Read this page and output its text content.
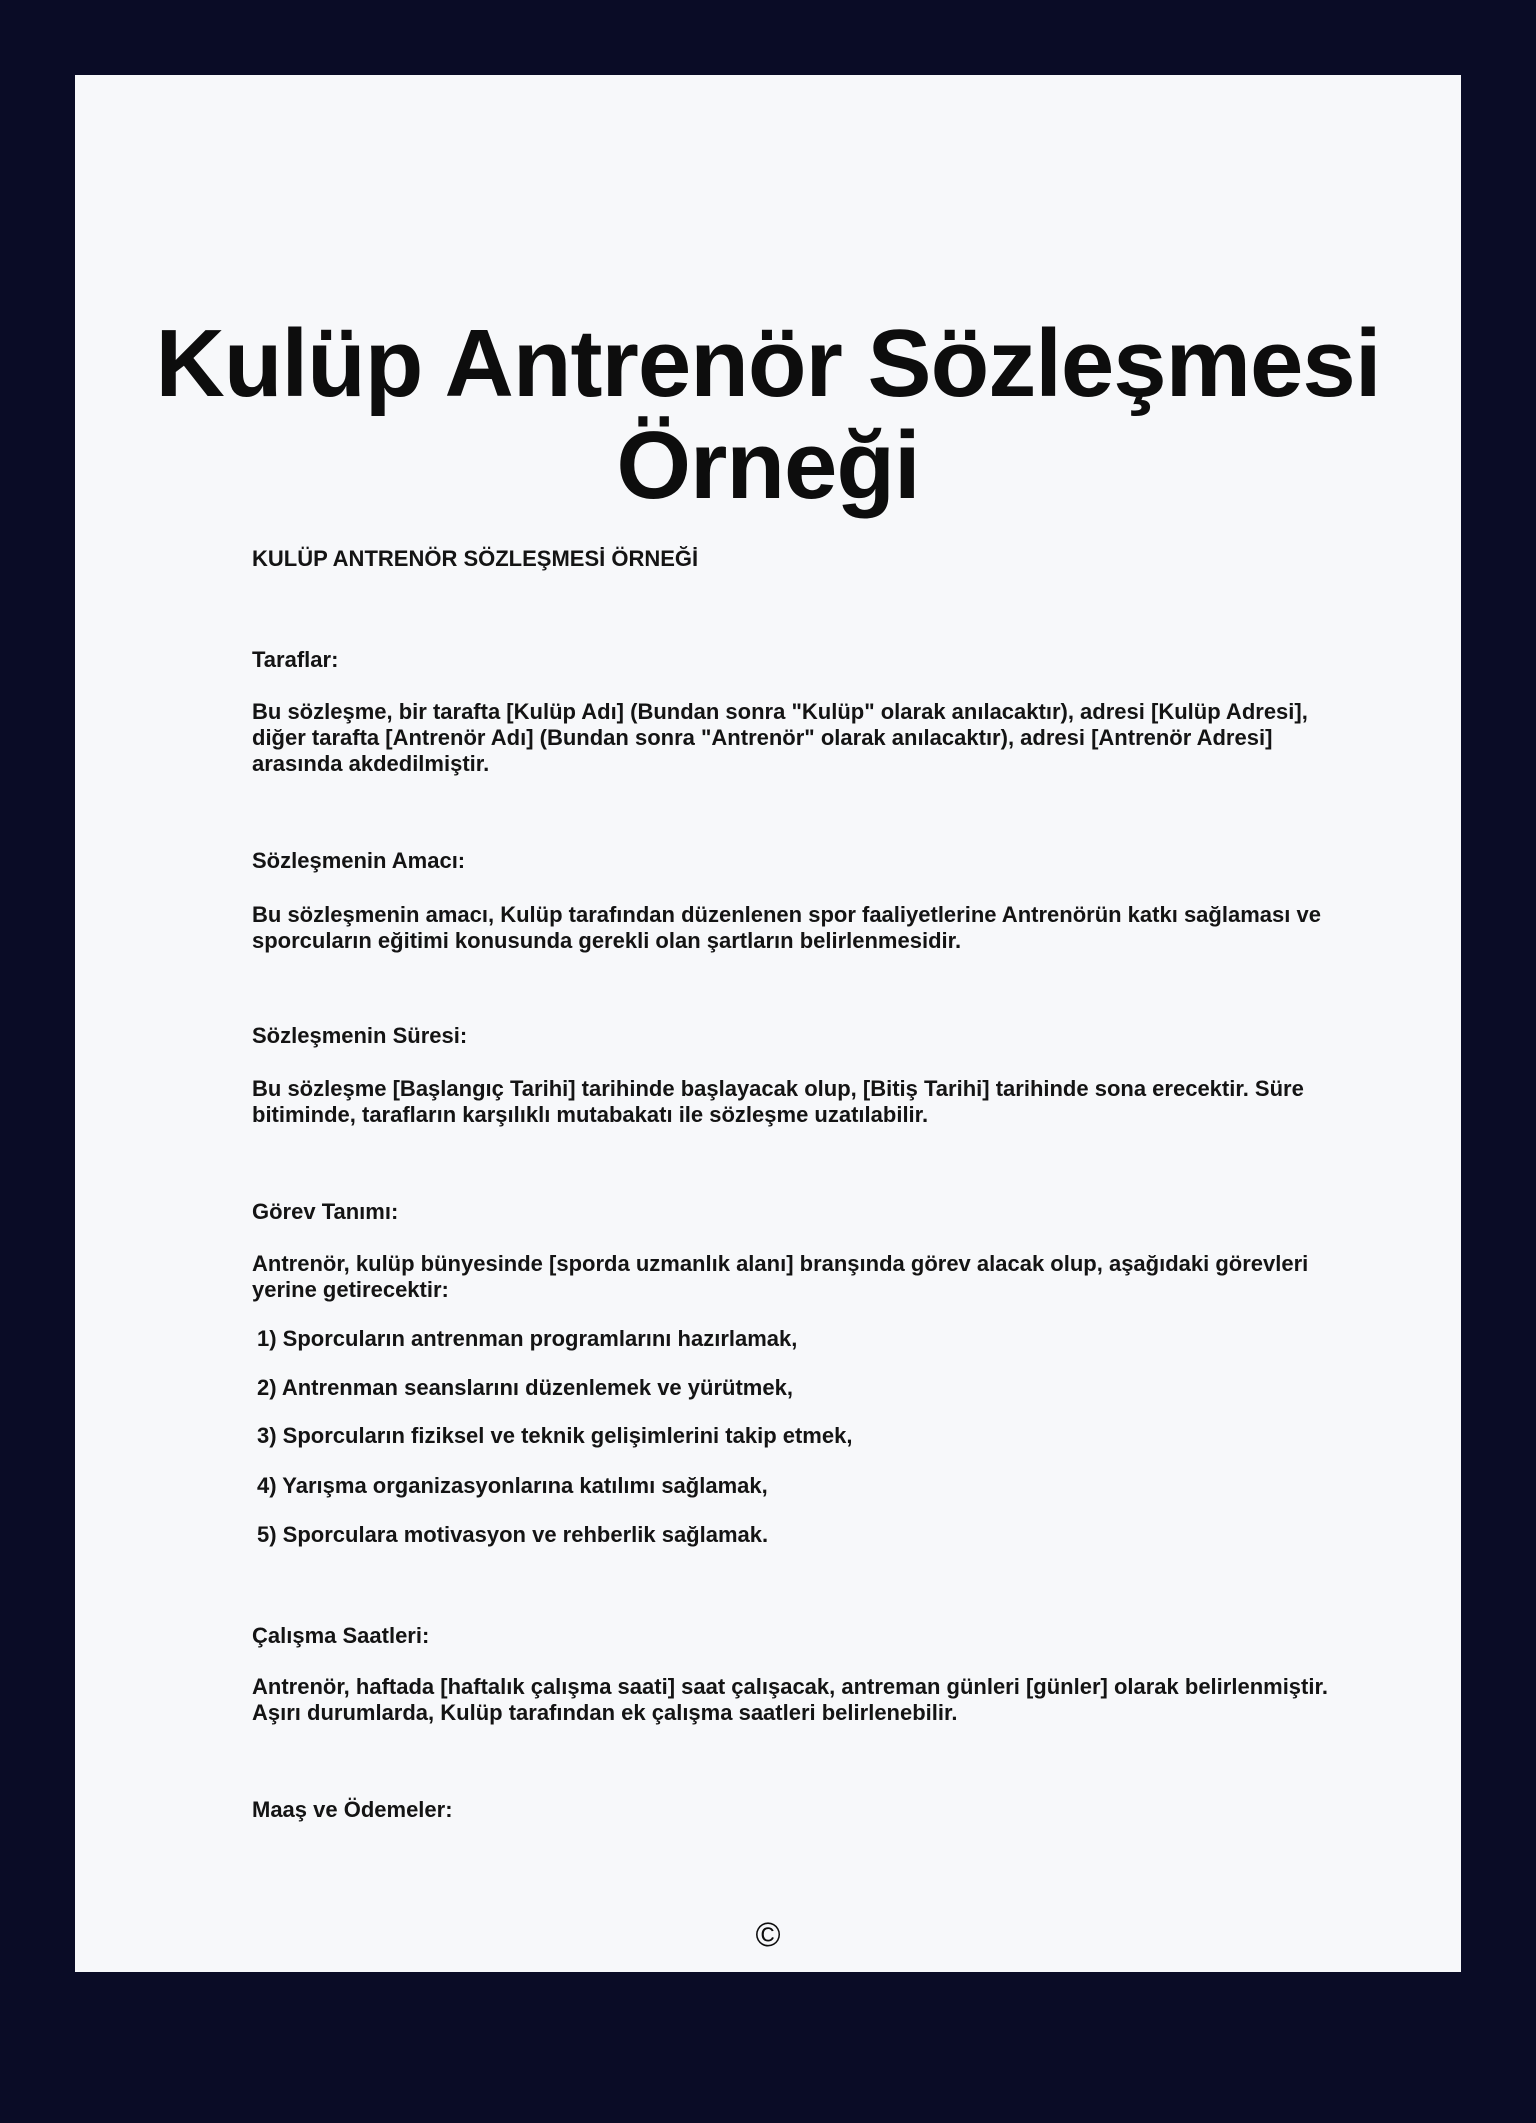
Kulüp Antrenör Sözleşmesi Örneği
KULÜP ANTRENÖR SÖZLEŞMESİ ÖRNEĞİ
Taraflar:
Bu sözleşme, bir tarafta [Kulüp Adı] (Bundan sonra "Kulüp" olarak anılacaktır), adresi [Kulüp Adresi], diğer tarafta [Antrenör Adı] (Bundan sonra "Antrenör" olarak anılacaktır), adresi [Antrenör Adresi] arasında akdedilmiştir.
Sözleşmenin Amacı:
Bu sözleşmenin amacı, Kulüp tarafından düzenlenen spor faaliyetlerine Antrenörün katkı sağlaması ve sporcuların eğitimi konusunda gerekli olan şartların belirlenmesidir.
Sözleşmenin Süresi:
Bu sözleşme [Başlangıç Tarihi] tarihinde başlayacak olup, [Bitiş Tarihi] tarihinde sona erecektir. Süre bitiminde, tarafların karşılıklı mutabakatı ile sözleşme uzatılabilir.
Görev Tanımı:
Antrenör, kulüp bünyesinde [sporda uzmanlık alanı] branşında görev alacak olup, aşağıdaki görevleri yerine getirecektir:
1) Sporcuların antrenman programlarını hazırlamak,
2) Antrenman seanslarını düzenlemek ve yürütmek,
3) Sporcuların fiziksel ve teknik gelişimlerini takip etmek,
4) Yarışma organizasyonlarına katılımı sağlamak,
5) Sporculara motivasyon ve rehberlik sağlamak.
Çalışma Saatleri:
Antrenör, haftada [haftalık çalışma saati] saat çalışacak, antreman günleri [günler] olarak belirlenmiştir. Aşırı durumlarda, Kulüp tarafından ek çalışma saatleri belirlenebilir.
Maaş ve Ödemeler:
©
